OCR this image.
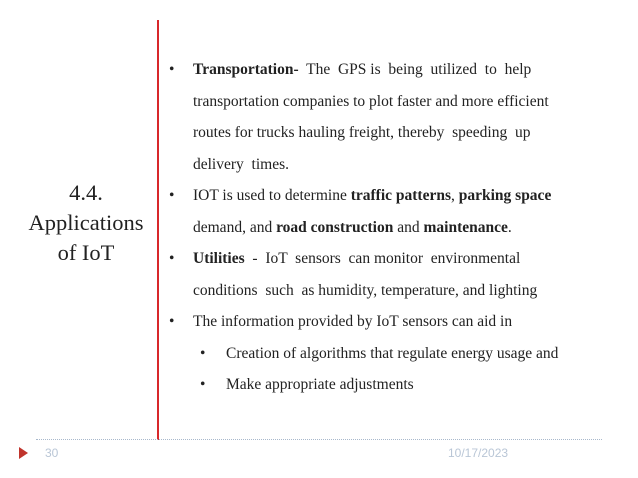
4.4.
Applications
of IoT
• Transportation-  The  GPS is  being  utilized  to  help
transportation companies to plot faster and more efficient
routes for trucks hauling freight, thereby  speeding  up
delivery  times.
• IOT is used to determine traffic patterns, parking space
demand, and road construction and maintenance.
• Utilities  -  IoT  sensors  can monitor  environmental
conditions  such  as humidity, temperature, and lighting
• The information provided by IoT sensors can aid in
• Creation of algorithms that regulate energy usage and
• Make appropriate adjustments
30	10/17/2023
